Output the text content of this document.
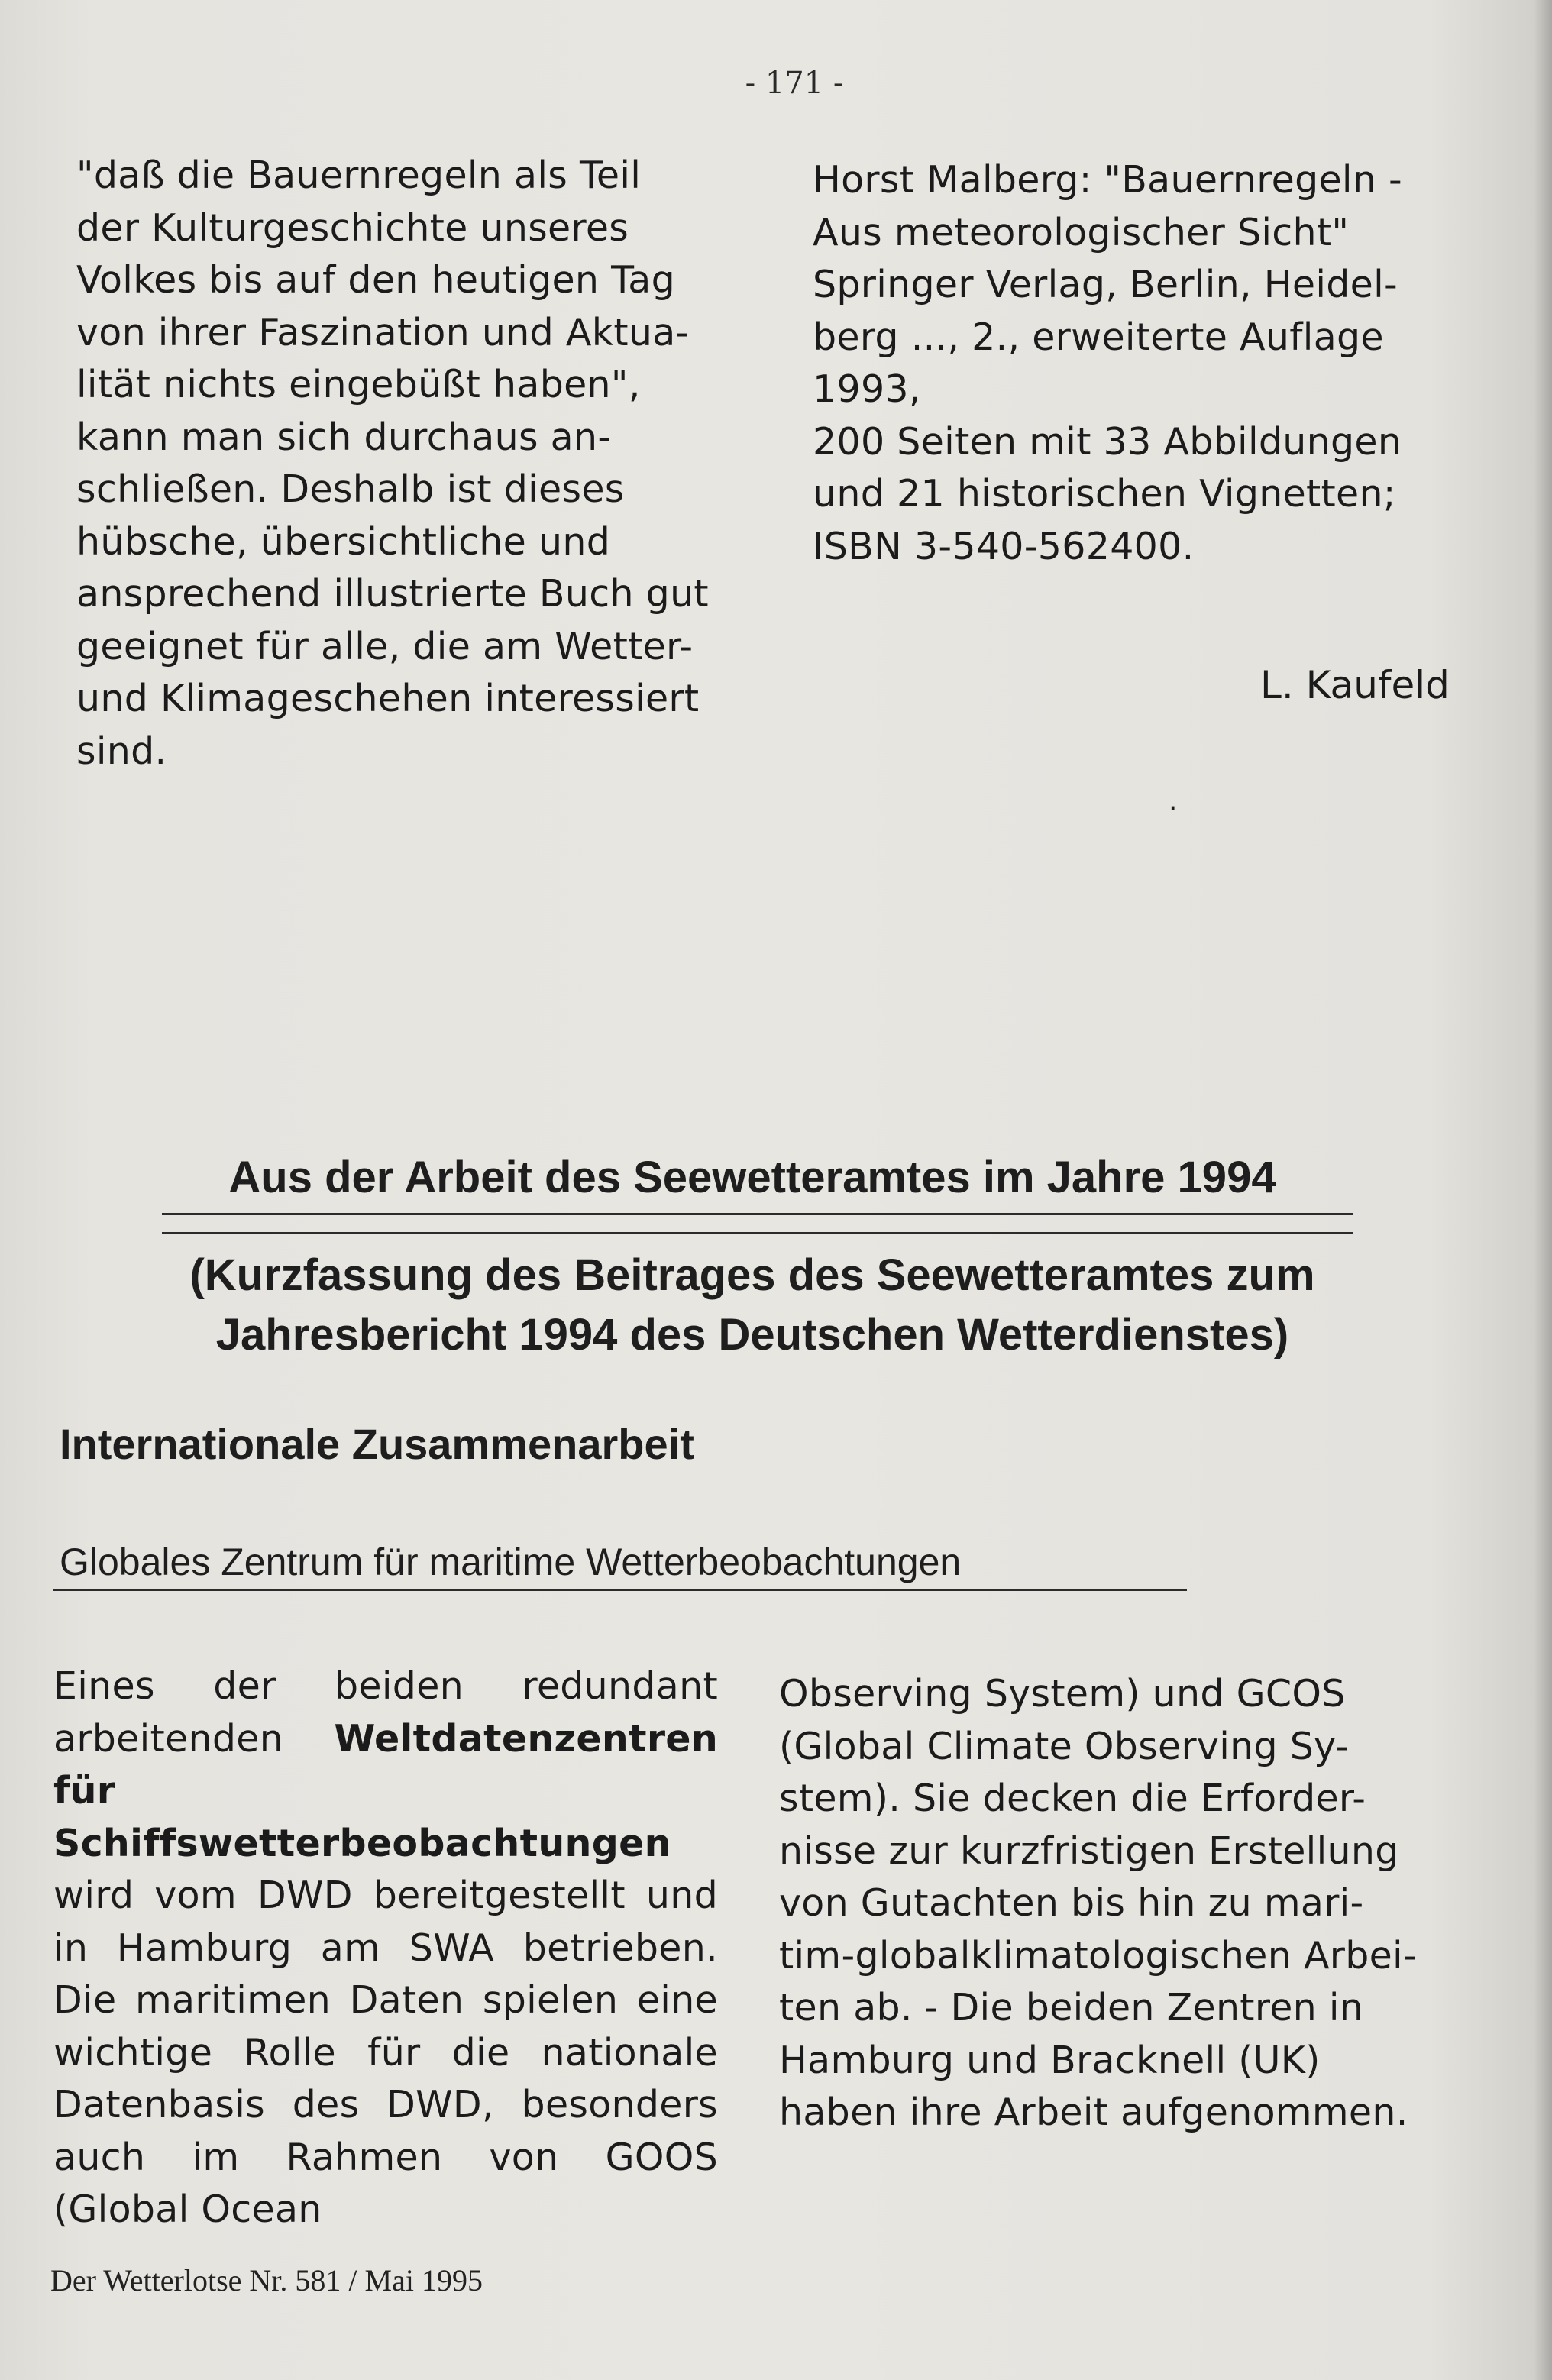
- 171 -

"daß die Bauernregeln als Teil

der Kulturgeschichte unseres

Volkes bis auf den heutigen Tag

von ihrer Faszination und Aktua-

lität nichts eingebüßt haben",

kann man sich durchaus an-

schließen. Deshalb ist dieses

hübsche, übersichtliche und

ansprechend illustrierte Buch gut

geeignet für alle, die am Wetter-

und Klimageschehen interessiert

sind.

Horst Malberg: "Bauernregeln -

Aus meteorologischer Sicht"

Springer Verlag, Berlin, Heidel-

berg ..., 2., erweiterte Auflage

1993,

200 Seiten mit 33 Abbildungen

und 21 historischen Vignetten;

ISBN 3-540-562400.

L. Kaufeld
.
Aus der Arbeit des Seewetteramtes im Jahre 1994
(Kurzfassung des Beitrages des Seewetteramtes zum
Jahresbericht 1994 des Deutschen Wetterdienstes)
Internationale Zusammenarbeit
Globales Zentrum für maritime Wetterbeobachtungen

Eines der beiden redundant arbeitenden Weltdatenzentren für Schiffswetterbeobachtungen wird vom DWD bereitgestellt und in Hamburg am SWA betrieben. Die maritimen Daten spielen eine wichtige Rolle für die nationale Datenbasis des DWD, besonders auch im Rahmen von GOOS (Global Ocean

Observing System) und GCOS

(Global Climate Observing Sy-

stem). Sie decken die Erforder-

nisse zur kurzfristigen Erstellung

von Gutachten bis hin zu mari-

tim-globalklimatologischen Arbei-

ten ab. - Die beiden Zentren in

Hamburg und Bracknell (UK)

haben ihre Arbeit aufgenommen.

Der Wetterlotse Nr. 581 / Mai 1995
